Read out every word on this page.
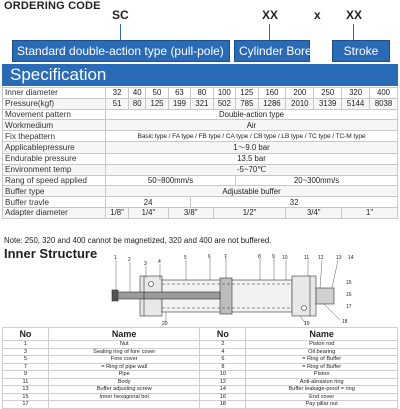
ORDERING CODE
SC	XX	x XX
Standard double-action type (pull-pole)	Cylinder Bore	Stroke
Specification
Inner diameter	32	40	50	63	80	100	125	160	200	250	320	400
Pressure(kgf)	51	80	125	199	321	502	785	1286	2010	3139	5144	8038
Movement pattern	Double-action type											
Workmedium	Air											
Fix thepattern	Basic type / FA type / FB type / CA type / CB type / LB type / TC type / TC-M type											
Applicablepressure	1～9.0 bar											
Endurable pressure	13.5 bar											
Environment temp	-5~70℃											
Rang of speed applied	50~800mm/s						20~300mm/s					
Buffer type	Adjustable buffer											
Buffer travle	24				32							
Adapter diameter	1/8"	1/4"		3/8"		1/2"			3/4"		1"	
Note: 250, 320 and 400 cannot be magnetized, 320 and 400 are not buffered.
Inner Structure	1 2
3 4
5	6	7	8 9 10	11 12 13 14
15
16
17
18
19
20
No	Name	No	Name
1	Nut	2	Piston rod
3	Sealing ring of fore cover	4	Oil bearing
5	Fore cover	6	= Ring of Buffer
7	= Ring of pipe wall	8	= Ring of Buffer
9	Pipe	10	Piston
11	Body	12	Anti-abrasion ring
13	Buffer adjusting screw	14	Buffer leakage-proof = ring
15	Inner hexagonal bol	16	End cover
17		18	Pay pillar nut
